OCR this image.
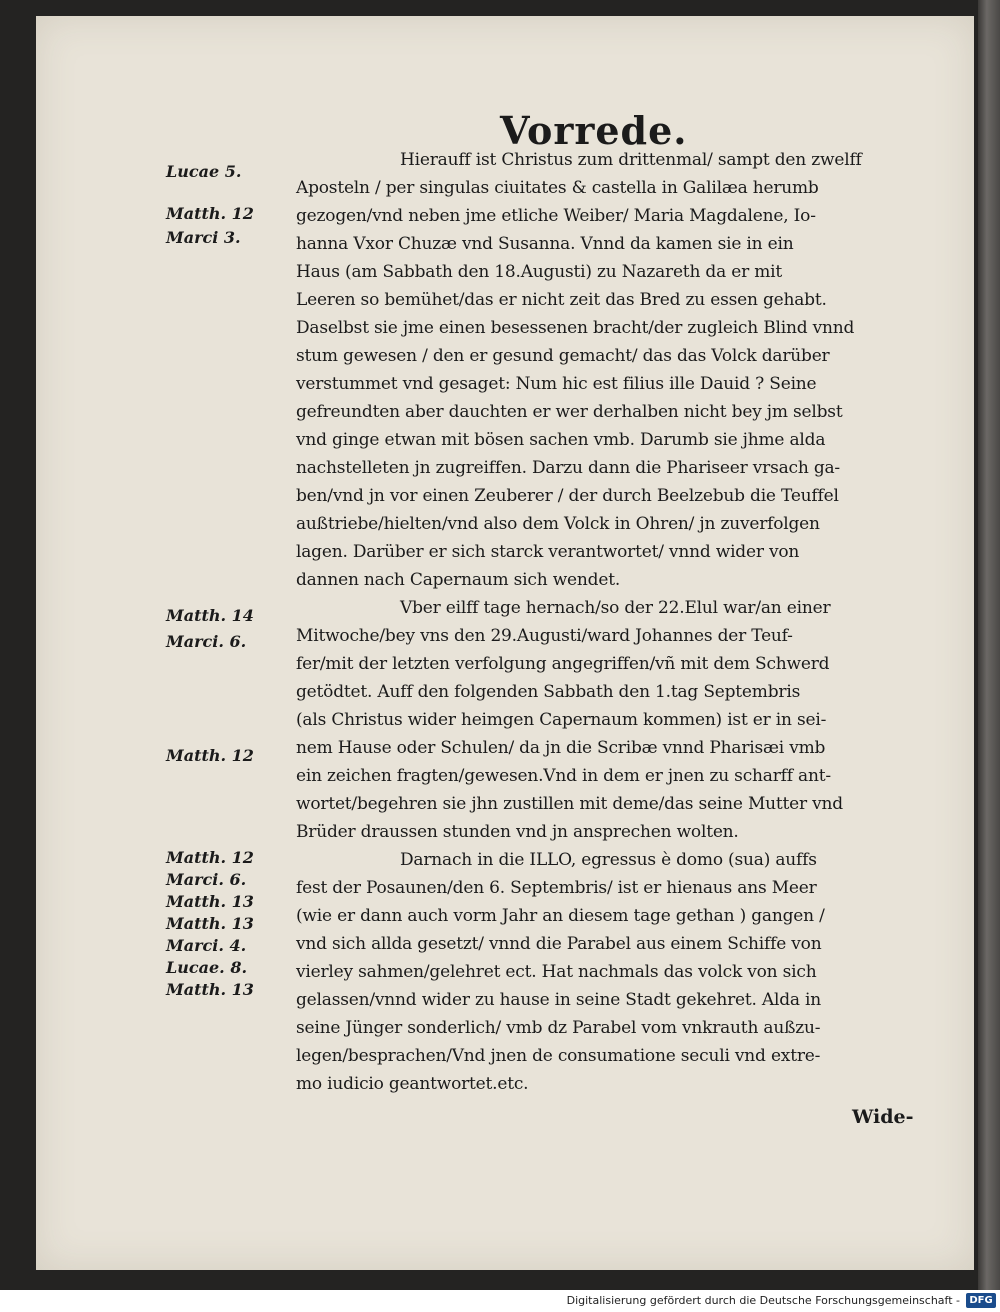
Vorrede.
Lucae 5.
Matth. 12
Marci 3.
Matth. 14
Marci. 6.
Matth. 12
Matth. 12
Marci. 6.
Matth. 13
Matth. 13
Marci. 4.
Lucae. 8.
Matth. 13
Hierauff ist Christus zum drittenmal/ sampt den zwelff
Aposteln / per singulas ciuitates & castella in Galilæa herumb
gezogen/vnd neben jme etliche Weiber/ Maria Magdalene, Io-
hanna Vxor Chuzæ vnd Susanna. Vnnd da kamen sie in ein
Haus (am Sabbath den 18.Augusti) zu Nazareth da er mit
Leeren so bemühet/das er nicht zeit das Bred zu essen gehabt.
Daselbst sie jme einen besessenen bracht/der zugleich Blind vnnd
stum gewesen / den er gesund gemacht/ das das Volck darüber
verstummet vnd gesaget: Num hic est filius ille Dauid ? Seine
gefreundten aber dauchten er wer derhalben nicht bey jm selbst
vnd ginge etwan mit bösen sachen vmb. Darumb sie jhme alda
nachstelleten jn zugreiffen. Darzu dann die Phariseer vrsach ga-
ben/vnd jn vor einen Zeuberer / der durch Beelzebub die Teuffel
außtriebe/hielten/vnd also dem Volck in Ohren/ jn zuverfolgen
lagen. Darüber er sich starck verantwortet/ vnnd wider von
dannen nach Capernaum sich wendet.
Vber eilff tage hernach/so der 22.Elul war/an einer
Mitwoche/bey vns den 29.Augusti/ward Johannes der Teuf-
fer/mit der letzten verfolgung angegriffen/vñ mit dem Schwerd
getödtet. Auff den folgenden Sabbath den 1.tag Septembris
(als Christus wider heimgen Capernaum kommen) ist er in sei-
nem Hause oder Schulen/ da jn die Scribæ vnnd Pharisæi vmb
ein zeichen fragten/gewesen.Vnd in dem er jnen zu scharff ant-
wortet/begehren sie jhn zustillen mit deme/das seine Mutter vnd
Brüder draussen stunden vnd jn ansprechen wolten.
Darnach in die ILLO, egressus è domo (sua) auffs
fest der Posaunen/den 6. Septembris/ ist er hienaus ans Meer
(wie er dann auch vorm Jahr an diesem tage gethan ) gangen /
vnd sich allda gesetzt/ vnnd die Parabel aus einem Schiffe von
vierley sahmen/gelehret ect. Hat nachmals das volck von sich
gelassen/vnnd wider zu hause in seine Stadt gekehret. Alda in
seine Jünger sonderlich/ vmb dz Parabel vom vnkrauth außzu-
legen/besprachen/Vnd jnen de consumatione seculi vnd extre-
mo iudicio geantwortet.etc.
Wide-
Digitalisierung gefördert durch die Deutsche Forschungsgemeinschaft - DFG
